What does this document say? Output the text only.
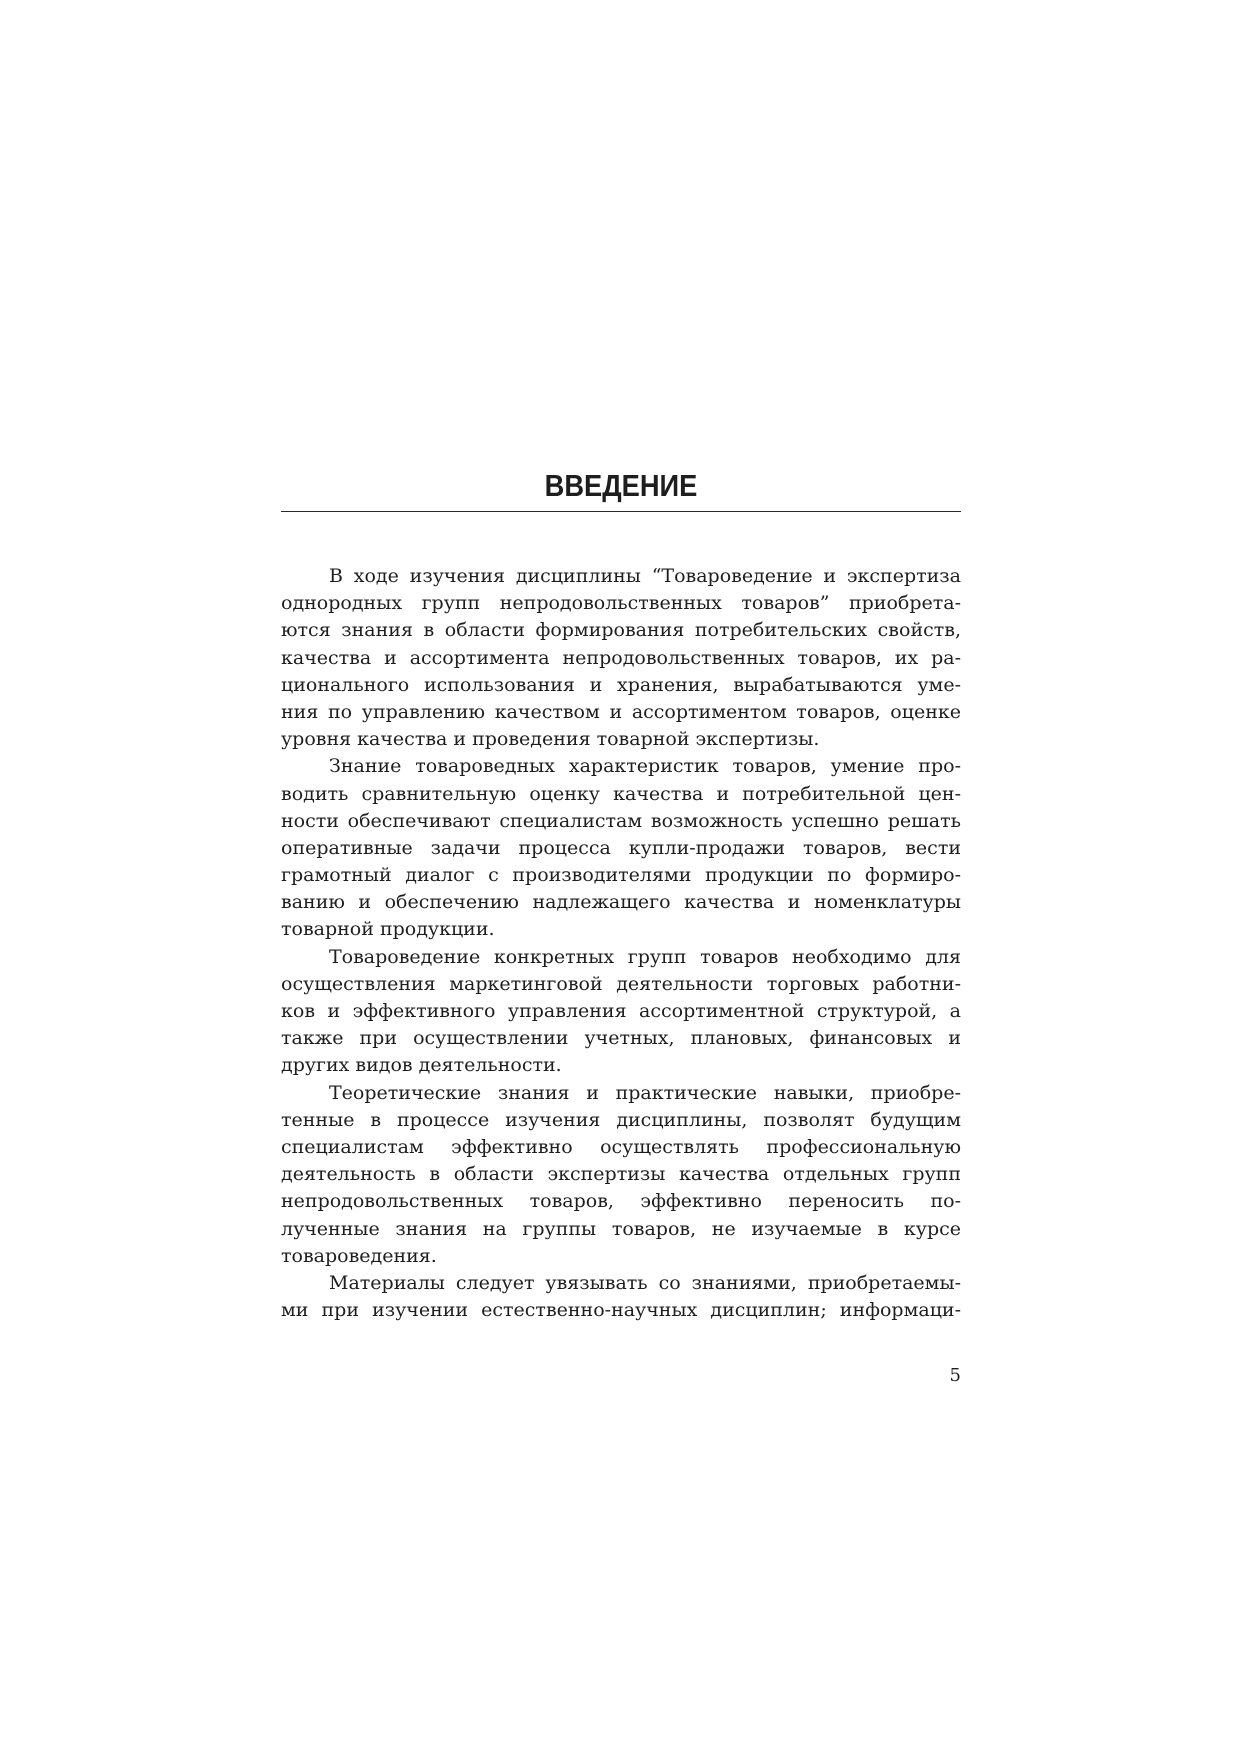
ВВЕДЕНИЕ
В ходе изучения дисциплины “Товароведение и экспертиза
однородных групп непродовольственных товаров” приобрета-
ются знания в области формирования потребительских свойств,
качества и ассортимента непродовольственных товаров, их ра-
ционального использования и хранения, вырабатываются уме-
ния по управлению качеством и ассортиментом товаров, оценке
уровня качества и проведения товарной экспертизы.
Знание товароведных характеристик товаров, умение про-
водить сравнительную оценку качества и потребительной цен-
ности обеспечивают специалистам возможность успешно решать
оперативные задачи процесса купли-продажи товаров, вести
грамотный диалог с производителями продукции по формиро-
ванию и обеспечению надлежащего качества и номенклатуры
товарной продукции.
Товароведение конкретных групп товаров необходимо для
осуществления маркетинговой деятельности торговых работни-
ков и эффективного управления ассортиментной структурой, а
также при осуществлении учетных, плановых, финансовых и
других видов деятельности.
Теоретические знания и практические навыки, приобре-
тенные в процессе изучения дисциплины, позволят будущим
специалистам эффективно осуществлять профессиональную
деятельность в области экспертизы качества отдельных групп
непродовольственных товаров, эффективно переносить по-
лученные знания на группы товаров, не изучаемые в курсе
товароведения.
Материалы следует увязывать со знаниями, приобретаемы-
ми при изучении естественно-научных дисциплин; информаци-
5
